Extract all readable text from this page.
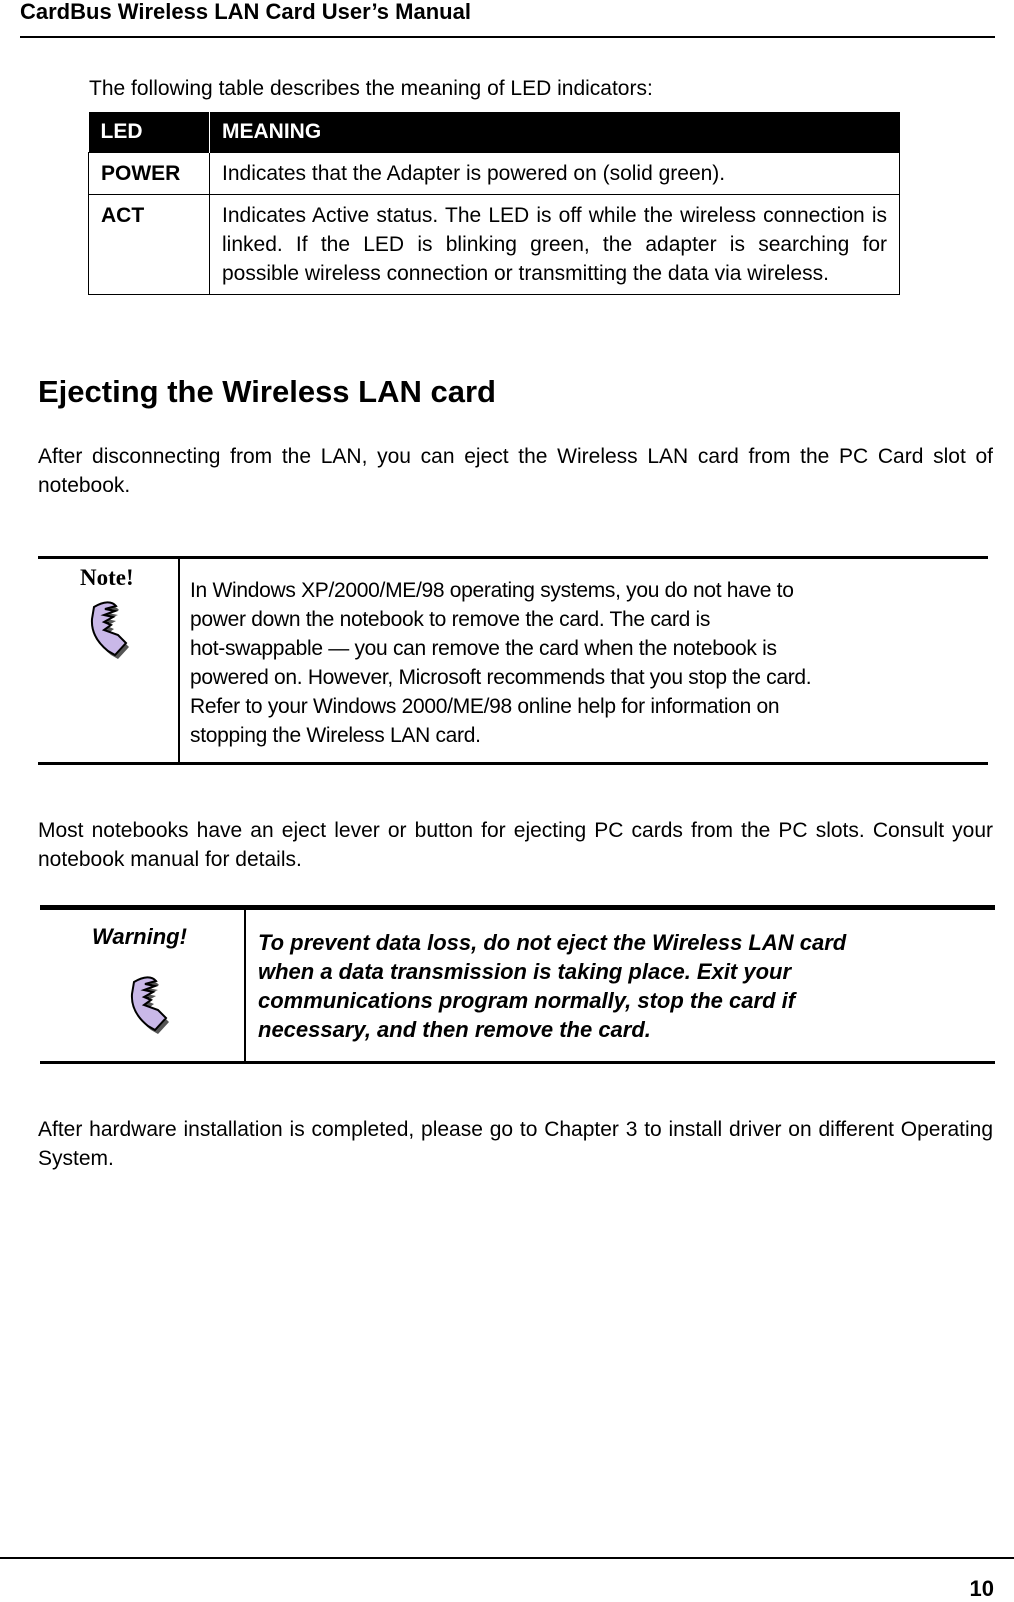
CardBus Wireless LAN Card User’s Manual
The following table describes the meaning of LED indicators:
LED	MEANING
POWER	Indicates that the Adapter is powered on (solid green).
ACT	Indicates Active status. The LED is off while the wireless connection is linked. If the LED is blinking green, the adapter is searching for possible wireless connection or transmitting the data via wireless.
Ejecting the Wireless LAN card
After disconnecting from the LAN, you can eject the Wireless LAN card from the PC Card slot of notebook.
Note!
In Windows XP/2000/ME/98 operating systems, you do not have to
power down the notebook to remove the card. The card is
hot-swappable — you can remove the card when the notebook is
powered on. However, Microsoft recommends that you stop the card.
Refer to your Windows 2000/ME/98 online help for information on
stopping the Wireless LAN card.
Most notebooks have an eject lever or button for ejecting PC cards from the PC slots. Consult your notebook manual for details.
Warning!	To prevent data loss, do not eject the Wireless LAN card
when a data transmission is taking place. Exit your
communications program normally, stop the card if
necessary, and then remove the card.
After hardware installation is completed, please go to Chapter 3 to install driver on different Operating System.
10
